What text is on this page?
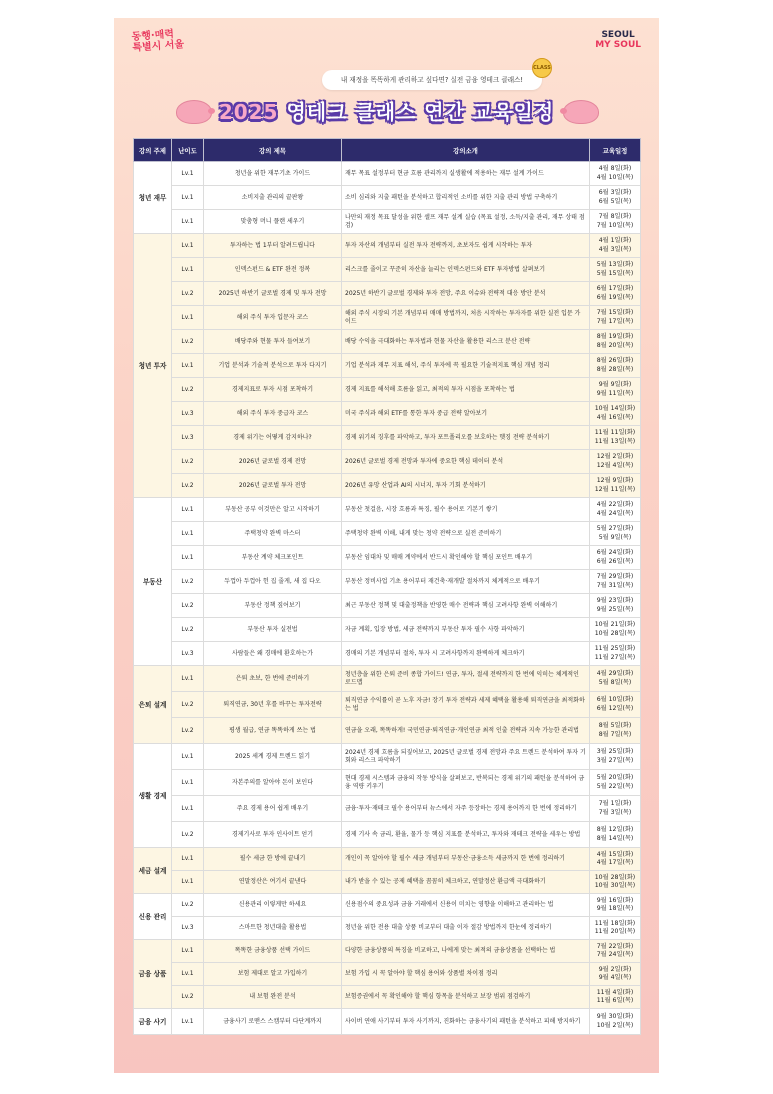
동행·매력
특별시 서울
SEOUL
MY SOUL
내 재정을 똑똑하게 관리하고 싶다면? 실전 금융 영테크 클래스!
CLASS
2025 영테크 클래스 연간 교육일정
강의 주제	난이도	강의 제목	강의소개	교육일정
청년 재무	Lv.1	청년을 위한 재무기초 가이드	재무 목표 설정부터 현금 흐름 관리까지 실생활에 적용하는 재무 설계 가이드	4월 8일(화)
4월 10일(목)

	Lv.1	소비지출 관리의 끝판왕	소비 심리와 지출 패턴을 분석하고 합리적인 소비를 위한 지출 관리 방법 구축하기	6월 3일(화)
6월 5일(목)

	Lv.1	맞춤형 머니 플랜 세우기	나만의 재정 목표 달성을 위한 셀프 재무 설계 실습 (목표 설정, 소득/지출 관리, 재무 상태 점검)	7월 8일(화)
7월 10일(목)

청년 투자	Lv.1	투자하는 법 1부터 알려드립니다	투자 자산의 개념부터 실전 투자 전략까지, 초보자도 쉽게 시작하는 투자	4월 1일(화)
4월 3일(목)

	Lv.1	인덱스펀드 & ETF 완전 정복	리스크를 줄이고 꾸준히 자산을 늘리는 인덱스펀드와 ETF 투자방법 살펴보기	5월 13일(화)
5월 15일(목)

	Lv.2	2025년 하반기 글로벌 경제 및 투자 전망	2025년 하반기 글로벌 경제와 투자 전망, 주요 이슈와 전략적 대응 방안 분석	6월 17일(화)
6월 19일(목)

	Lv.1	해외 주식 투자 입문자 코스	해외 주식 시장의 기본 개념부터 매매 방법까지, 처음 시작하는 투자자를 위한 실전 입문 가이드	7월 15일(화)
7월 17일(목)

	Lv.2	배당주와 현물 투자 들여보기	배당 수익을 극대화하는 투자법과 현물 자산을 활용한 리스크 분산 전략	8월 19일(화)
8월 20일(목)

	Lv.1	기업 분석과 기술적 분석으로 투자 다지기	기업 분석과 재무 지표 해석, 주식 투자에 꼭 필요한 기술적지표 핵심 개념 정리	8월 26일(화)
8월 28일(목)

	Lv.2	경제지표로 투자 시점 포착하기	경제 지표를 해석해 흐름을 읽고, 최적의 투자 시점을 포착하는 법	9월 9일(화)
9월 11일(목)

	Lv.3	해외 주식 투자 중급자 코스	미국 주식과 해외 ETF를 통한 투자 중급 전략 알아보기	10월 14일(화)
4월 16일(목)

	Lv.3	경제 위기는 어떻게 감지하나?	경제 위기의 징후를 파악하고, 투자 포트폴리오를 보호하는 헷징 전략 분석하기	11월 11일(화)
11월 13일(목)

	Lv.2	2026년 글로벌 경제 전망	2026년 글로벌 경제 전망과 투자에 중요한 핵심 데이터 분석	12월 2일(화)
12월 4일(목)

	Lv.2	2026년 글로벌 투자 전망	2026년 유망 산업과 AI의 시너지, 투자 기회 분석하기	12월 9일(화)
12월 11일(목)

부동산	Lv.1	부동산 공부 이것만은 알고 시작하기	부동산 첫걸음, 시장 흐름과 특징, 필수 용어로 기본기 쌓기	4월 22일(화)
4월 24일(목)

	Lv.1	주택청약 완벽 마스터	주택청약 완벽 이해, 내게 맞는 청약 전략으로 실전 준비하기	5월 27일(화)
5월 9일(목)

	Lv.1	부동산 계약 체크포인트	부동산 임대차 및 매매 계약에서 반드시 확인해야 할 핵심 포인트 배우기	6월 24일(화)
6월 26일(목)

	Lv.2	두껍아 두껍아 헌 집 줄게, 새 집 다오	부동산 정비사업 기초 용어부터 재건축·재개발 절차까지 체계적으로 배우기	7월 29일(화)
7월 31일(목)

	Lv.2	부동산 정책 짚어보기	최근 부동산 정책 및 대출정책을 반영한 매수 전략과 핵심 고려사항 완벽 이해하기	9월 23일(화)
9월 25일(목)

	Lv.2	부동산 투자 실전법	자금 계획, 입장 방법, 세금 전략까지 부동산 투자 필수 사항 파악하기	10월 21일(화)
10월 28일(목)

	Lv.3	사람들은 왜 경매에 환호하는가	경매의 기본 개념부터 절차, 투자 시 고려사항까지 완벽하게 체크하기	11월 25일(화)
11월 27일(목)

은퇴 설계	Lv.1	은퇴 초보, 한 번에 준비하기	청년층을 위한 은퇴 준비 종합 가이드! 연금, 투자, 절세 전략까지 한 번에 익히는 체계적인 로드맵	4월 29일(화)
5월 8일(목)

	Lv.2	퇴직연금, 30년 후를 바꾸는 투자전략	퇴직연금 수익률이 곧 노후 자금! 장기 투자 전략과 세제 혜택을 활용해 퇴직연금을 최적화하는 법	6월 10일(화)
6월 12일(목)

	Lv.2	평생 월급, 연금 똑똑하게 쓰는 법	연금을 오래, 똑똑하게! 국민연금·퇴직연금·개인연금 최적 인출 전략과 지속 가능한 관리법	8월 5일(화)
8월 7일(목)

생활 경제	Lv.1	2025 세계 경제 트렌드 읽기	2024년 경제 흐름을 되짚어보고, 2025년 글로벌 경제 전망과 주요 트렌드 분석하여 투자 기회와 리스크 파악하기	3월 25일(화)
3월 27일(목)

	Lv.1	자본주의를 알아야 돈이 보인다	현대 경제 시스템과 금융의 작동 방식을 살펴보고, 반복되는 경제 위기의 패턴을 분석하여 금융 역량 키우기	5월 20일(화)
5월 22일(목)

	Lv.1	주요 경제 용어 쉽게 배우기	금융·투자·재테크 필수 용어부터 뉴스에서 자주 등장하는 경제 용어까지 한 번에 정리하기	7월 1일(화)
7월 3일(목)

	Lv.2	경제기사로 투자 인사이트 얻기	경제 기사 속 금리, 환율, 물가 등 핵심 지표를 분석하고, 투자와 재테크 전략을 세우는 방법	8월 12일(화)
8월 14일(목)

세금 설계	Lv.1	필수 세금 한 방에 끝내기	개인이 꼭 알아야 할 필수 세금 개념부터 부동산·금융소득 세금까지 한 번에 정리하기	4월 15일(화)
4월 17일(목)

	Lv.1	연말정산은 여기서 끝낸다	내가 받을 수 있는 공제 혜택을 꼼꼼히 체크하고, 연말정산 환급액 극대화하기	10월 28일(화)
10월 30일(목)

신용 관리	Lv.2	신용관리 이렇게만 하세요	신용점수의 중요성과 금융 거래에서 신용이 미치는 영향을 이해하고 관리하는 법	9월 16일(화)
9월 18일(목)

	Lv.3	스마트한 청년대출 활용법	청년을 위한 전용 대출 상품 비교부터 대출 이자 절감 방법까지 한눈에 정리하기	11월 18일(화)
11월 20일(목)

금융 상품	Lv.1	똑똑한 금융상품 선택 가이드	다양한 금융상품의 특징을 비교하고, 나에게 맞는 최적의 금융상품을 선택하는 법	7월 22일(화)
7월 24일(목)

	Lv.1	보험 제대로 알고 가입하기	보험 가입 시 꼭 알아야 할 핵심 용어와 상품별 차이점 정리	9월 2일(화)
9월 4일(목)

	Lv.2	내 보험 완전 분석	보험증권에서 꼭 확인해야 할 핵심 항목을 분석하고 보장 범위 점검하기	11월 4일(화)
11월 6일(목)

금융 사기	Lv.1	금융사기 로맨스 스캠부터 다단계까지	사이버 연애 사기부터 투자 사기까지, 진화하는 금융사기의 패턴을 분석하고 피해 방지하기	9월 30일(화)
10월 2일(목)
